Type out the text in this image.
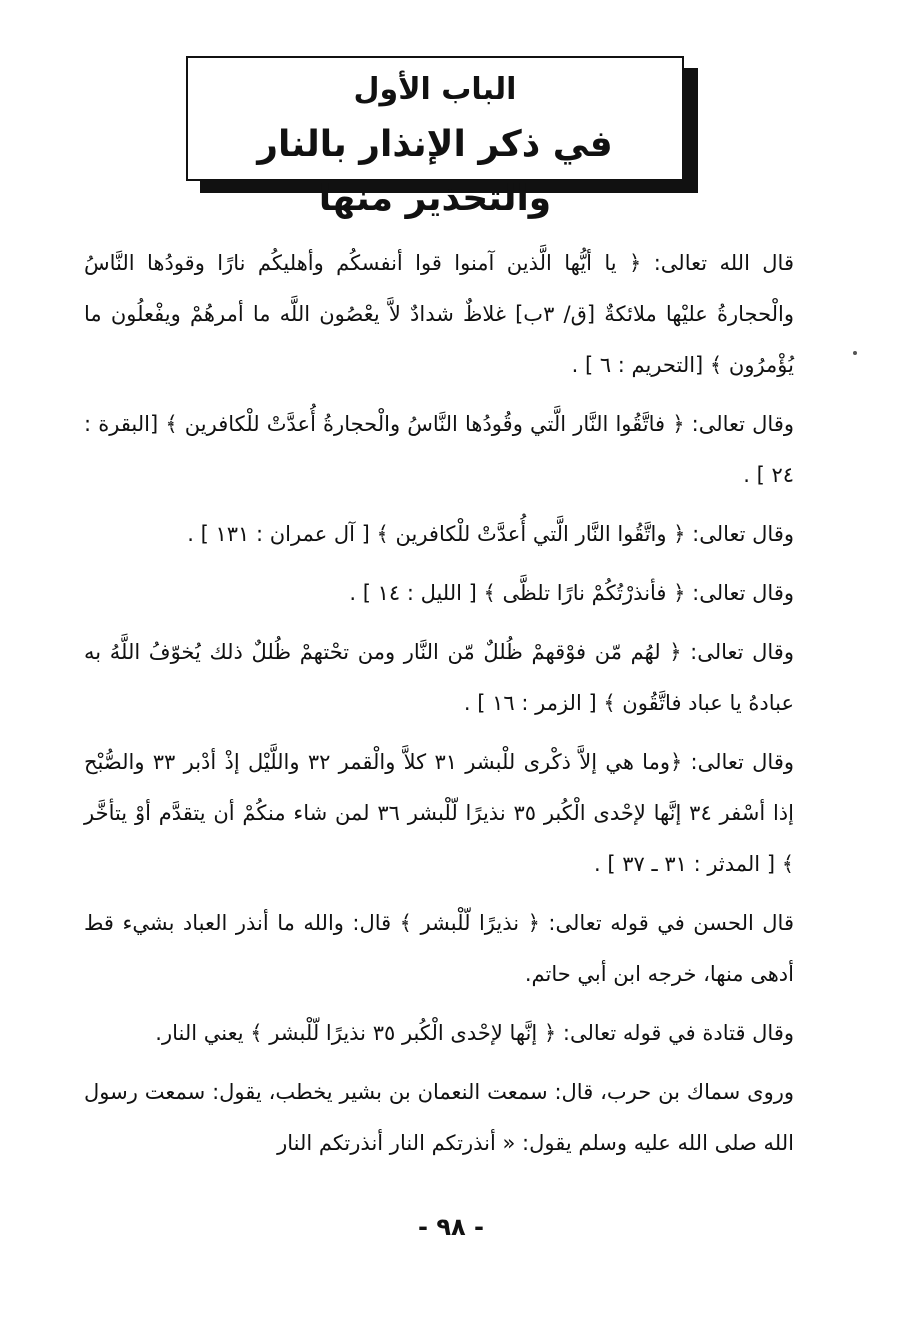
الباب الأول
في ذكر الإنذار بالنار والتحذير منها

قال الله تعالى: ﴿ يا أيُّها الَّذين آمنوا قوا أنفسكُم وأهليكُم نارًا وقودُها النَّاسُ والْحجارةُ عليْها ملائكةٌ [ق/ ٣ب] غلاظٌ شدادٌ لاَّ يعْصُون اللَّه ما أمرهُمْ ويفْعلُون ما يُؤْمرُون ﴾ [التحريم : ٦ ] .

وقال تعالى: ﴿ فاتَّقُوا النَّار الَّتي وقُودُها النَّاسُ والْحجارةُ أُعدَّتْ للْكافرين ﴾ [البقرة : ٢٤ ] .

وقال تعالى: ﴿ واتَّقُوا النَّار الَّتي أُعدَّتْ للْكافرين ﴾ [ آل عمران : ١٣١ ] .

وقال تعالى: ﴿ فأنذرْتُكُمْ نارًا تلظَّى ﴾ [ الليل : ١٤ ] .

وقال تعالى: ﴿ لهُم مّن فوْقهمْ ظُللٌ مّن النَّار ومن تحْتهمْ ظُللٌ ذلك يُخوّفُ اللَّهُ به عبادهُ يا عباد فاتَّقُون ﴾ [ الزمر : ١٦ ] .

وقال تعالى: ﴿وما هي إلاَّ ذكْرى للْبشر ٣١ كلاَّ والْقمر ٣٢ واللَّيْل إذْ أدْبر ٣٣ والصُّبْح إذا أسْفر ٣٤ إنَّها لإحْدى الْكُبر ٣٥ نذيرًا لّلْبشر ٣٦ لمن شاء منكُمْ أن يتقدَّم أوْ يتأخَّر ﴾ [ المدثر : ٣١ ـ ٣٧ ] .

قال الحسن في قوله تعالى: ﴿ نذيرًا لّلْبشر ﴾ قال: والله ما أنذر العباد بشيء قط أدهى منها، خرجه ابن أبي حاتم.

وقال قتادة في قوله تعالى: ﴿ إنَّها لإحْدى الْكُبر ٣٥ نذيرًا لّلْبشر ﴾ يعني النار.

وروى سماك بن حرب، قال: سمعت النعمان بن بشير يخطب، يقول: سمعت رسول الله صلى الله عليه وسلم يقول: « أنذرتكم النار أنذرتكم النار

- ٩٨ -
